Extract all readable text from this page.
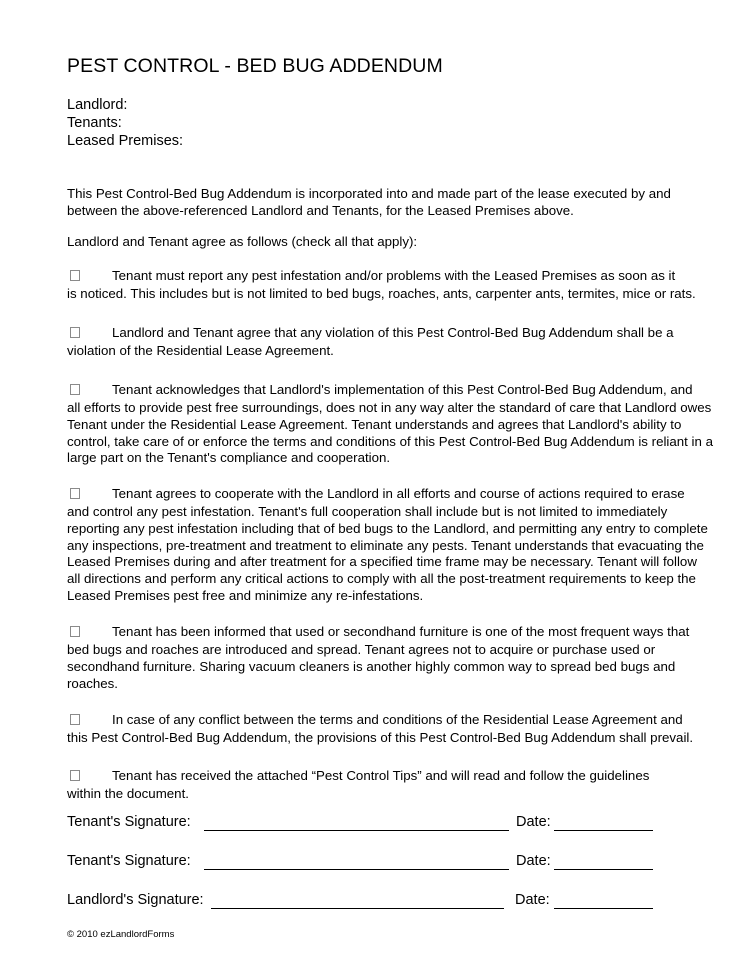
PEST CONTROL - BED BUG ADDENDUM
Landlord:
Tenants:
Leased Premises:
This Pest Control-Bed Bug Addendum is incorporated into and made part of the lease executed by and between the above-referenced Landlord and Tenants, for the Leased Premises above.
Landlord and Tenant agree as follows (check all that apply):
Tenant must report any pest infestation and/or problems with the Leased Premises as soon as it
is noticed. This includes but is not limited to bed bugs, roaches, ants, carpenter ants, termites, mice or rats.
Landlord and Tenant agree that any violation of this Pest Control-Bed Bug Addendum shall be a
violation of the Residential Lease Agreement.
Tenant acknowledges that Landlord's implementation of this Pest Control-Bed Bug Addendum, and
all efforts to provide pest free surroundings, does not in any way alter the standard of care that Landlord owes Tenant under the Residential Lease Agreement. Tenant understands and agrees that Landlord's ability to control, take care of or enforce the terms and conditions of this Pest Control-Bed Bug Addendum is reliant in a large part on the Tenant's compliance and cooperation.
Tenant agrees to cooperate with the Landlord in all efforts and course of actions required to erase
and control any pest infestation. Tenant's full cooperation shall include but is not limited to immediately reporting any pest infestation including that of bed bugs to the Landlord, and permitting any entry to complete any inspections, pre-treatment and treatment to eliminate any pests. Tenant understands that evacuating the Leased Premises during and after treatment for a specified time frame may be necessary. Tenant will follow all directions and perform any critical actions to comply with all the post-treatment requirements to keep the Leased Premises pest free and minimize any re-infestations.
Tenant has been informed that used or secondhand furniture is one of the most frequent ways that
bed bugs and roaches are introduced and spread. Tenant agrees not to acquire or purchase used or secondhand furniture. Sharing vacuum cleaners is another highly common way to spread bed bugs and roaches.
In case of any conflict between the terms and conditions of the Residential Lease Agreement and
this Pest Control-Bed Bug Addendum, the provisions of this Pest Control-Bed Bug Addendum shall prevail.
Tenant has received the attached “Pest Control Tips” and will read and follow the guidelines
within the document.
Tenant's Signature:	Date:
Tenant's Signature:	Date:
Landlord's Signature:	Date:
© 2010 ezLandlordForms
